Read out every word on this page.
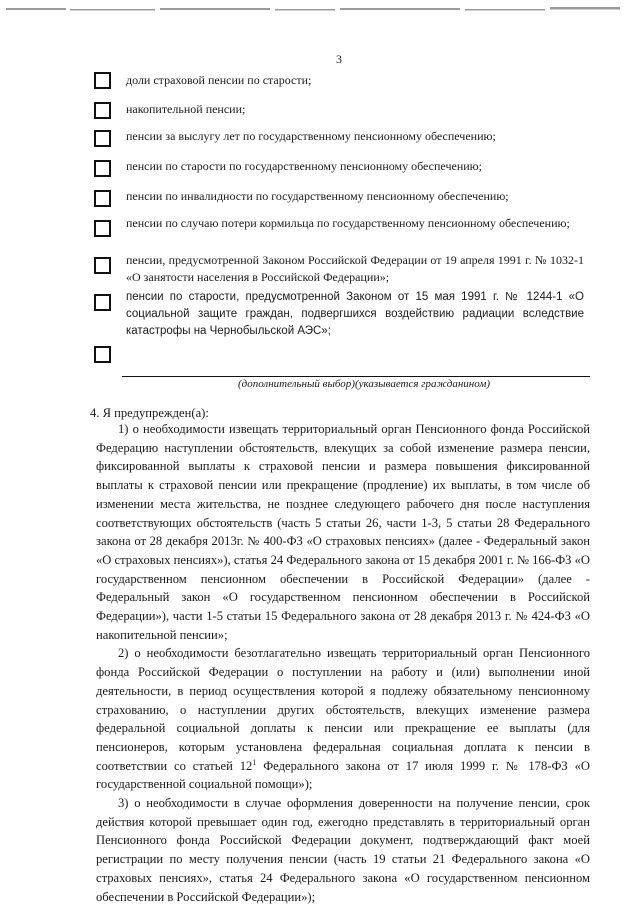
3
доли страховой пенсии по старости;
накопительной пенсии;
пенсии за выслугу лет по государственному пенсионному обеспечению;
пенсии по старости по государственному пенсионному обеспечению;
пенсии по инвалидности по государственному пенсионному обеспечению;
пенсии по случаю потери кормильца по государственному пенсионному обеспечению;
пенсии, предусмотренной Законом Российской Федерации от 19 апреля 1991 г. № 1032-1 «О занятости населения в Российской Федерации»;
пенсии по старости, предусмотренной Законом от 15 мая 1991 г. № 1244-1 «О социальной защите граждан, подвергшихся воздействию радиации вследствие катастрофы на Чернобыльской АЭС»;
(дополнительный выбор)(указывается гражданином)
4. Я предупрежден(а):

1) о необходимости извещать территориальный орган Пенсионного фонда Российской Федерацию наступлении обстоятельств, влекущих за собой изменение размера пенсии, фиксированной выплаты к страховой пенсии и размера повышения фиксированной выплаты к страховой пенсии или прекращение (продление) их выплаты, в том числе об изменении места жительства, не позднее следующего рабочего дня после наступления соответствующих обстоятельств (часть 5 статьи 26, части 1-3, 5 статьи 28 Федерального закона от 28 декабря 2013г. № 400-ФЗ «О страховых пенсиях» (далее - Федеральный закон «О страховых пенсиях»), статья 24 Федерального закона от 15 декабря 2001 г. № 166-ФЗ «О государственном пенсионном обеспечении в Российской Федерации» (далее - Федеральный закон «О государственном пенсионном обеспечении в Российской Федерации»), части 1-5 статьи 15 Федерального закона от 28 декабря 2013 г. № 424-ФЗ «О накопительной пенсии»;

2) о необходимости безотлагательно извещать территориальный орган Пенсионного фонда Российской Федерации о поступлении на работу и (или) выполнении иной деятельности, в период осуществления которой я подлежу обязательному пенсионному страхованию, о наступлении других обстоятельств, влекущих изменение размера федеральной социальной доплаты к пенсии или прекращение ее выплаты (для пенсионеров, которым установлена федеральная социальная доплата к пенсии в соответствии со статьей $12^1$ Федерального закона от 17 июля 1999 г. № 178-ФЗ «О государственной социальной помощи»);

3) о необходимости в случае оформления доверенности на получение пенсии, срок действия которой превышает один год, ежегодно представлять в территориальный орган Пенсионного фонда Российской Федерации документ, подтверждающий факт моей регистрации по месту получения пенсии (часть 19 статьи 21 Федерального закона «О страховых пенсиях», статья 24 Федерального закона «О государственном пенсионном обеспечении в Российской Федерации»);
